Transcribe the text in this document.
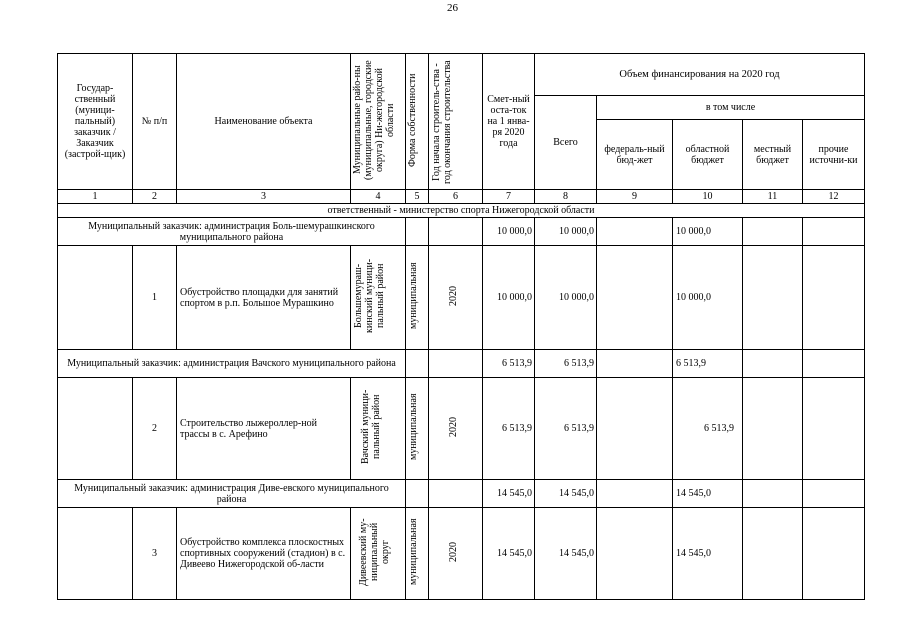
26
Государ-ственный (муници-пальный) заказчик / Заказчик (застрой-щик)	№ п/п	Наименование объекта	Муниципальные райо-ны (муниципальные, городские округа) Ни-жегородской области	Форма собственности	Год начала строитель-ства - год окончания строительства	Смет-ный оста-ток на 1 янва-ря 2020 года	Объем финансирования на 2020 год				
							Всего	в том числе			
								федераль-ный бюд-жет	областной бюджет	местный бюджет	прочие источни-ки
1	2	3	4	5	6	7	8	9	10	11	12
ответственный - министерство спорта Нижегородской области											
Муниципальный заказчик: администрация Боль-шемурашкинского муниципального района						10 000,0	10 000,0		10 000,0		
	1	Обустройство площадки для занятий спортом в р.п. Большое Мурашкино	Большемураш-кинский муници-пальный район	муниципальная	2020	10 000,0	10 000,0		10 000,0		
Муниципальный заказчик: администрация Вачского муниципального района						6 513,9	6 513,9		6 513,9		
	2	Строительство лыжероллер-ной трассы в с. Арефино	Вачский муници-пальный район	муниципальная	2020	6 513,9	6 513,9		6 513,9		
Муниципальный заказчик: администрация Диве-евского муниципального района						14 545,0	14 545,0		14 545,0		
	3	Обустройство комплекса плоскостных спортивных сооружений (стадион) в с. Дивеево Нижегородской об-ласти	Дивеевский му-ниципальный округ	муниципальная	2020	14 545,0	14 545,0		14 545,0		
